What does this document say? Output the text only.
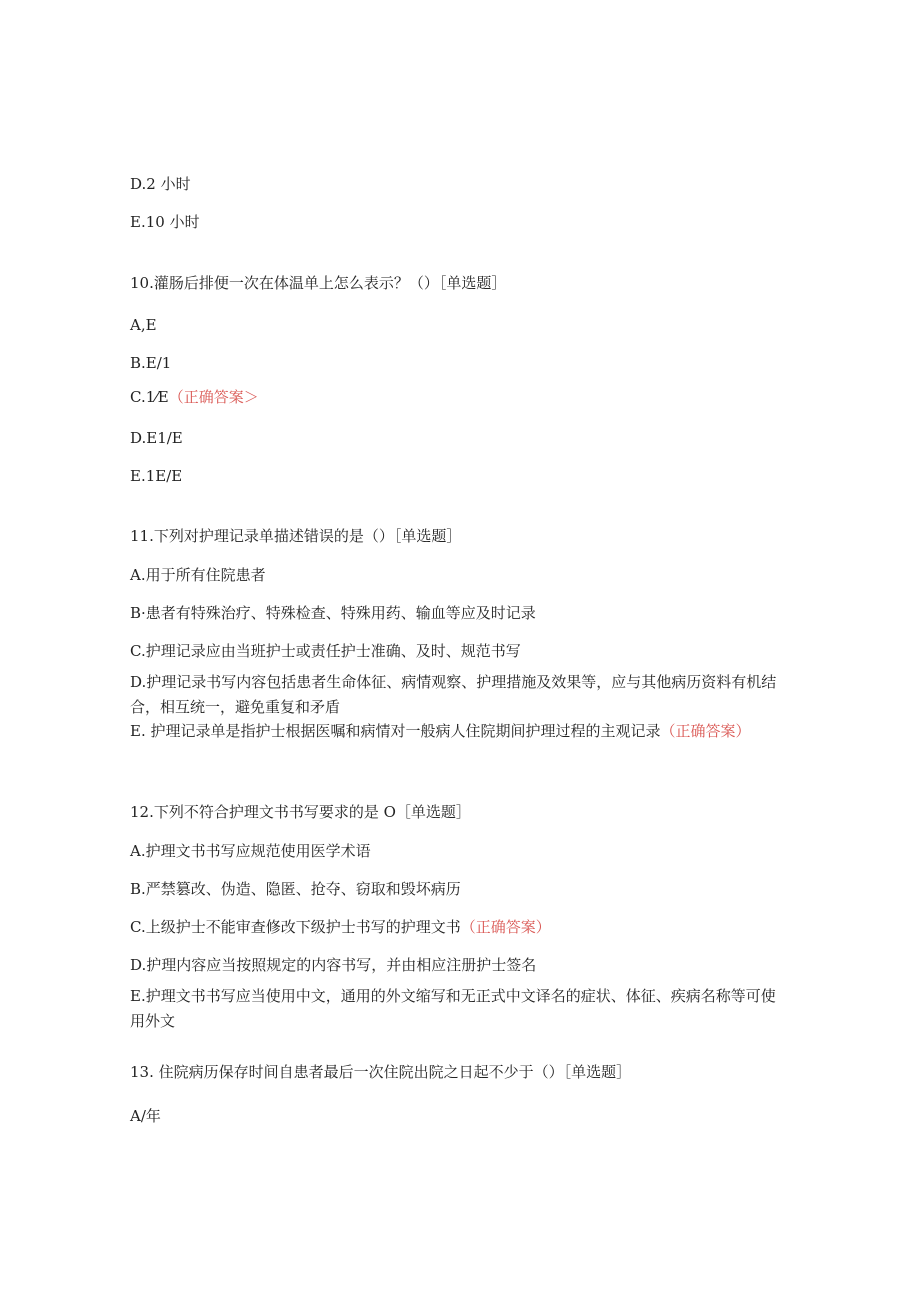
D.2 小时
E.10 小时
10.灌肠后排便一次在体温单上怎么表示？（）［单选题］
A,E
B.E/1
C.1⁄E（正确答案＞
D.E1/E
E.1E/E
11.下列对护理记录单描述错误的是（）［单选题］
A.用于所有住院患者
B·患者有特殊治疗、特殊检查、特殊用药、输血等应及时记录
C.护理记录应由当班护士或责任护士准确、及时、规范书写
D.护理记录书写内容包括患者生命体征、病情观察、护理措施及效果等，应与其他病历资料有机结合，相互统一，避免重复和矛盾
E. 护理记录单是指护士根据医嘱和病情对一般病人住院期间护理过程的主观记录（正确答案）
12.下列不符合护理文书书写要求的是 O［单选题］
A.护理文书书写应规范使用医学术语
B.严禁篡改、伪造、隐匿、抢夺、窃取和毁坏病历
C.上级护士不能审查修改下级护士书写的护理文书（正确答案）
D.护理内容应当按照规定的内容书写，并由相应注册护士签名
E.护理文书书写应当使用中文，通用的外文缩写和无正式中文译名的症状、体征、疾病名称等可使用外文
13. 住院病历保存时间自患者最后一次住院出院之日起不少于（）［单选题］
A/年
